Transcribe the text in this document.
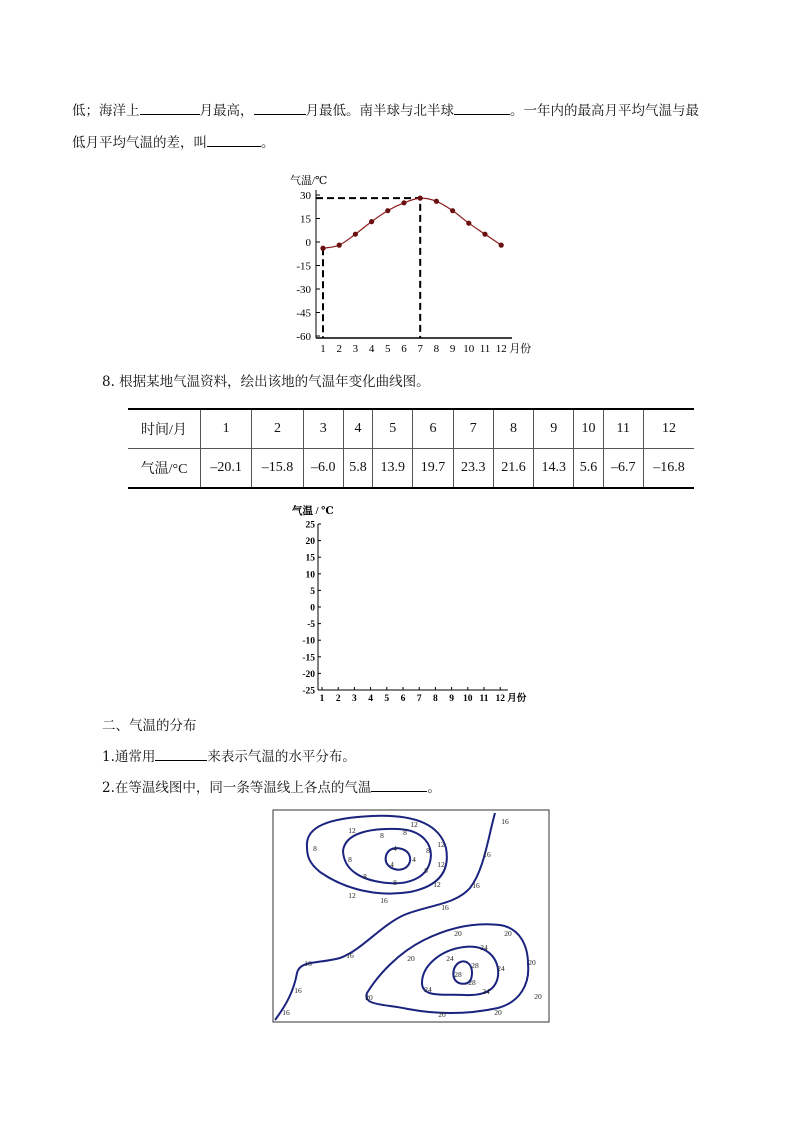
低；海洋上	月最高，	月最低。南半球与北半球	。一年内的最高月平均气温与最
低月平均气温的差，叫	。
气温/℃
30
15
0
-15
-30
-45
-60
1 2 3 4 5 6 7 8 9 10 11 12 月份
8. 根据某地气温资料，绘出该地的气温年变化曲线图。
时间/月	1	2	3	4	5	6	7	8	9	10	11	12
气温/°C	–20.1	–15.8	–6.0	5.8	13.9	19.7	23.3	21.6	14.3	5.6	–6.7	–16.8
气温 / ℃
25
20
15
10
5
0
-5
-10
-15
-20
-25
1 2 3 4 5 6 7 8 9 10 11 12 月份
二、气温的分布
1.通常用	来表示气温的水平分布。
2.在等温线图中，同一条等温线上各点的气温	。
12
8	8
12
8
8
4
4
4
8
12
12
8
8
8	12
12
16
16
16
16
16
20	20
24
20	24
24
20
28
28
28
24	24
20
20
20	20
16
16
16
16
